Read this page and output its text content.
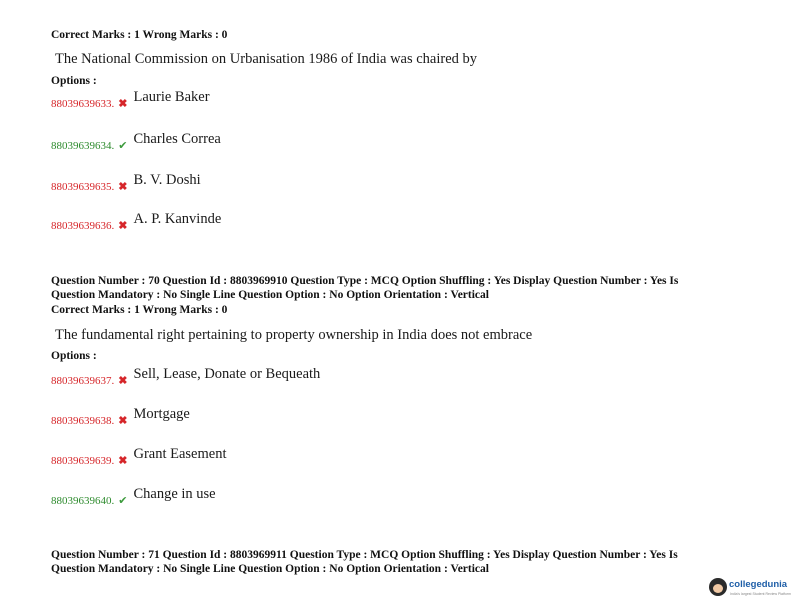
Correct Marks : 1 Wrong Marks : 0
The National Commission on Urbanisation 1986 of India was chaired by
Options :
88039639633. ✖ Laurie Baker
88039639634. ✔ Charles Correa
88039639635. ✖ B. V. Doshi
88039639636. ✖ A. P. Kanvinde
Question Number : 70 Question Id : 8803969910 Question Type : MCQ Option Shuffling : Yes Display Question Number : Yes Is
Question Mandatory : No Single Line Question Option : No Option Orientation : Vertical
Correct Marks : 1 Wrong Marks : 0
The fundamental right pertaining to property ownership in India does not embrace
Options :
88039639637. ✖ Sell, Lease, Donate or Bequeath
88039639638. ✖ Mortgage
88039639639. ✖ Grant Easement
88039639640. ✔ Change in use
Question Number : 71 Question Id : 8803969911 Question Type : MCQ Option Shuffling : Yes Display Question Number : Yes Is
Question Mandatory : No Single Line Question Option : No Option Orientation : Vertical
collegedunia
India's largest Student Review Platform
